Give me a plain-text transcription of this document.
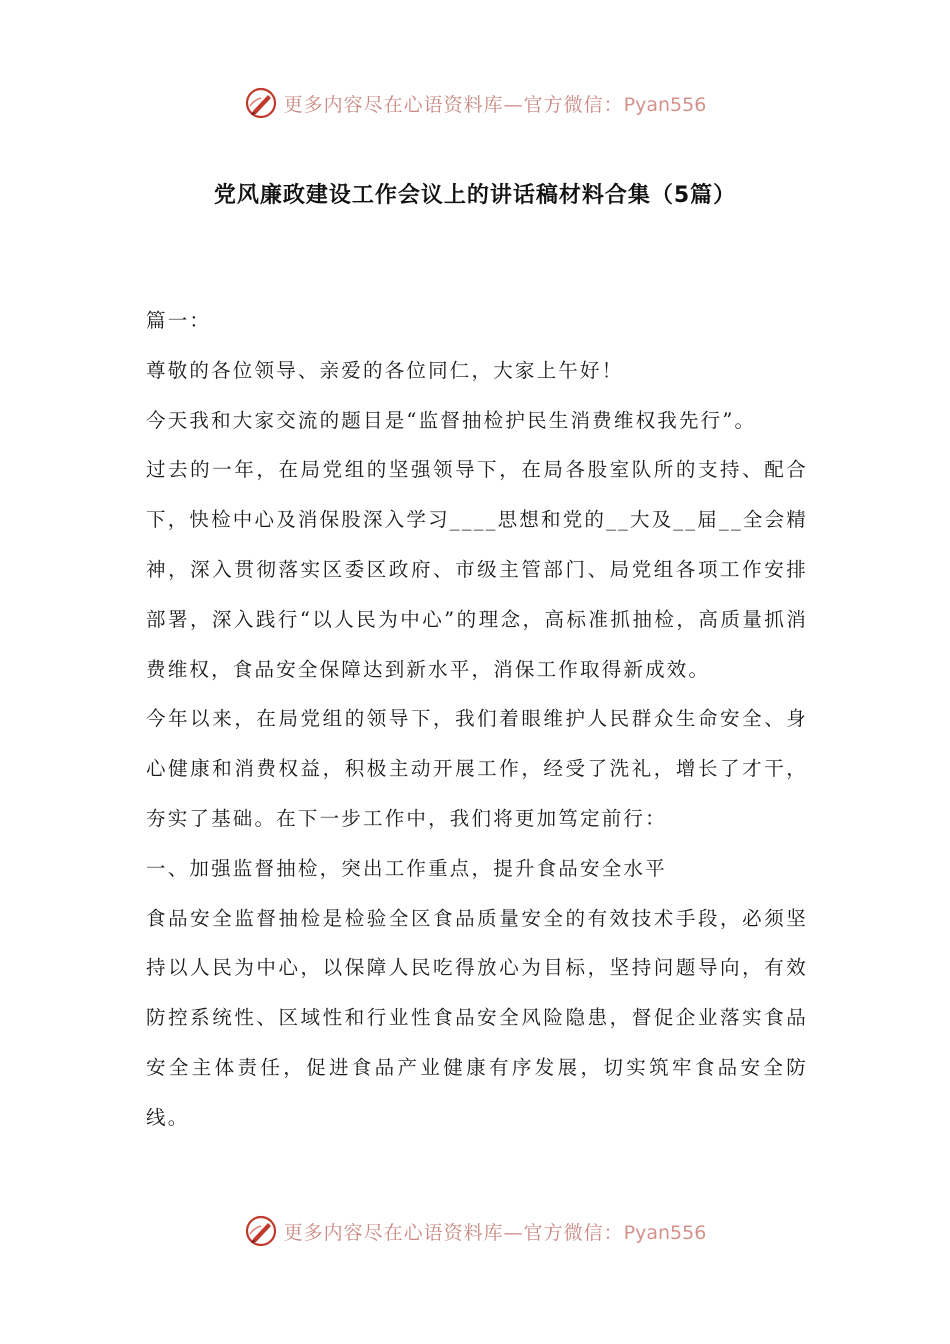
更多内容尽在心语资料库—官方微信：Pyan556
党风廉政建设工作会议上的讲话稿材料合集（5篇）

篇一：

尊敬的各位领导、亲爱的各位同仁，大家上午好！

今天我和大家交流的题目是“监督抽检护民生消费维权我先行”。

过去的一年，在局党组的坚强领导下，在局各股室队所的支持、配合下，快检中心及消保股深入学习____思想和党的__大及__届__全会精神，深入贯彻落实区委区政府、市级主管部门、局党组各项工作安排部署，深入践行“以人民为中心”的理念，高标准抓抽检，高质量抓消费维权，食品安全保障达到新水平，消保工作取得新成效。

今年以来，在局党组的领导下，我们着眼维护人民群众生命安全、身心健康和消费权益，积极主动开展工作，经受了洗礼，增长了才干，夯实了基础。在下一步工作中，我们将更加笃定前行：

一、加强监督抽检，突出工作重点，提升食品安全水平

食品安全监督抽检是检验全区食品质量安全的有效技术手段，必须坚持以人民为中心，以保障人民吃得放心为目标，坚持问题导向，有效防控系统性、区域性和行业性食品安全风险隐患，督促企业落实食品安全主体责任，促进食品产业健康有序发展，切实筑牢食品安全防线。

更多内容尽在心语资料库—官方微信：Pyan556
